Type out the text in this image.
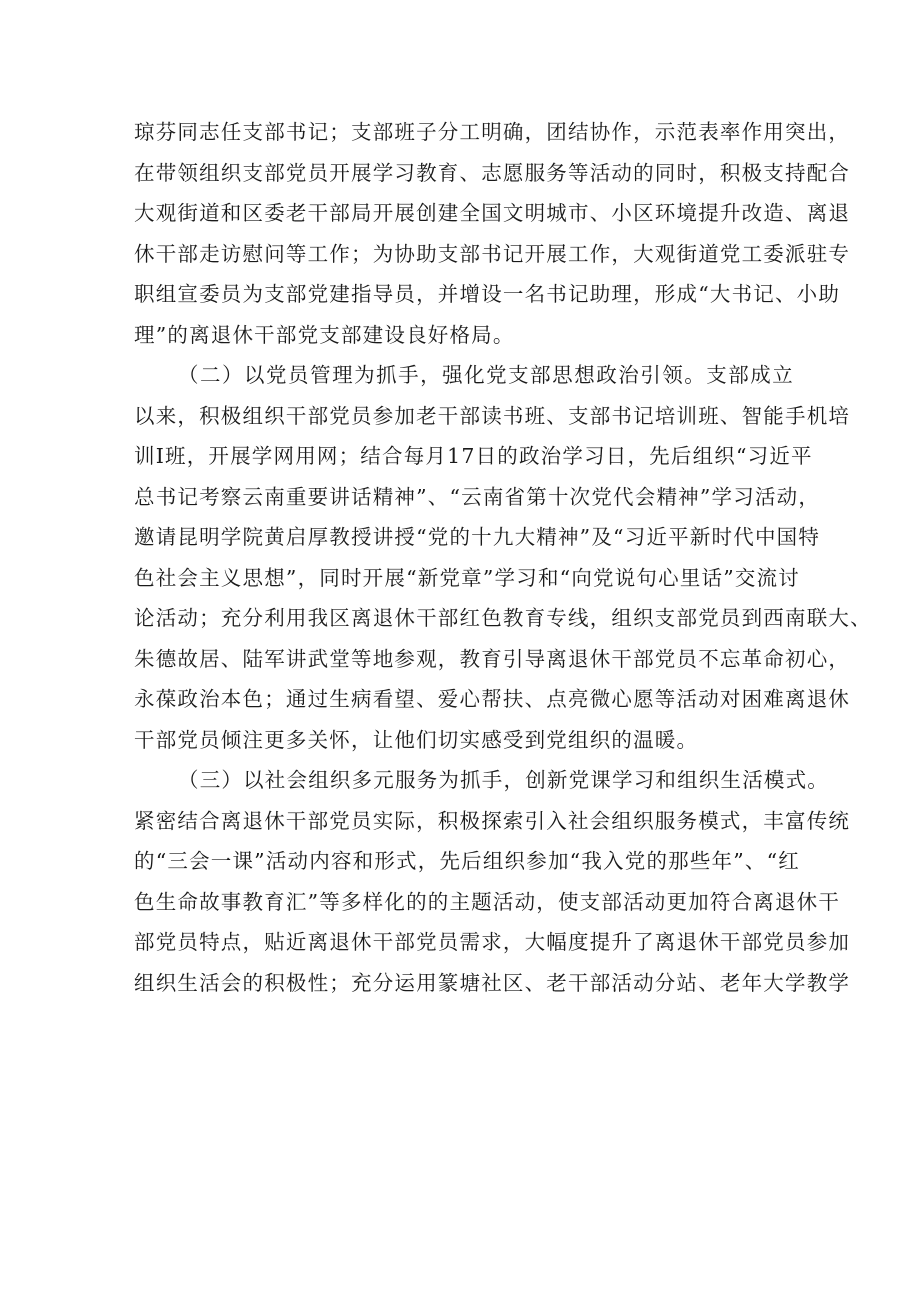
琼芬同志任支部书记；支部班子分工明确，团结协作，示范表率作用突出，
在带领组织支部党员开展学习教育、志愿服务等活动的同时，积极支持配合
大观街道和区委老干部局开展创建全国文明城市、小区环境提升改造、离退
休干部走访慰问等工作；为协助支部书记开展工作，大观街道党工委派驻专
职组宣委员为支部党建指导员，并增设一名书记助理，形成“大书记、小助
理”的离退休干部党支部建设良好格局。
（二）以党员管理为抓手，强化党支部思想政治引领。支部成立
以来，积极组织干部党员参加老干部读书班、支部书记培训班、智能手机培
训Ⅰ班，开展学网用网；结合每月17日的政治学习日，先后组织“习近平
总书记考察云南重要讲话精神”、“云南省第十次党代会精神”学习活动，
邀请昆明学院黄启厚教授讲授“党的十九大精神”及“习近平新时代中国特
色社会主义思想”，同时开展“新党章”学习和“向党说句心里话”交流讨
论活动；充分利用我区离退休干部红色教育专线，组织支部党员到西南联大、
朱德故居、陆军讲武堂等地参观，教育引导离退休干部党员不忘革命初心，
永葆政治本色；通过生病看望、爱心帮扶、点亮微心愿等活动对困难离退休
干部党员倾注更多关怀，让他们切实感受到党组织的温暖。
（三）以社会组织多元服务为抓手，创新党课学习和组织生活模式。
紧密结合离退休干部党员实际，积极探索引入社会组织服务模式，丰富传统
的“三会一课”活动内容和形式，先后组织参加“我入党的那些年”、“红
色生命故事教育汇”等多样化的的主题活动，使支部活动更加符合离退休干
部党员特点，贴近离退休干部党员需求，大幅度提升了离退休干部党员参加
组织生活会的积极性；充分运用篆塘社区、老干部活动分站、老年大学教学
